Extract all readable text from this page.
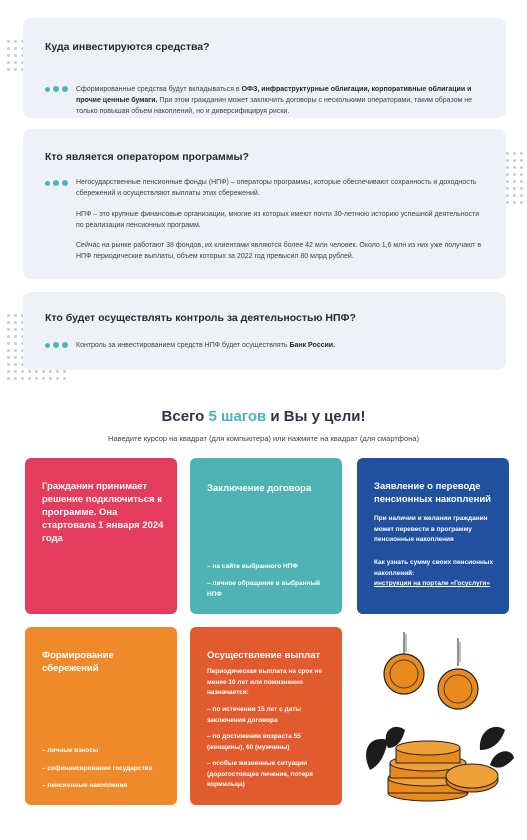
Куда инвестируются средства?

Сформированные средства будут вкладываться в ОФЗ, инфраструктурные облигации, корпоративные облигации и прочие ценные бумаги. При этом гражданин может заключить договоры с несколькими операторами, таким образом не только повышая объем накоплений, но и диверсифицируя риски.

Кто является оператором программы?

Негосударственные пенсионные фонды (НПФ) – операторы программы, которые обеспечивают сохранность и доходность сбережений и осуществляют выплаты этих сбережений.

НПФ – это крупные финансовые организации, многие из которых имеют почти 30-летнюю историю успешной деятельности по реализации пенсионных программ.

Сейчас на рынке работают 38 фондов, их клиентами являются более 42 млн человек. Около 1,6 млн из них уже получают в НПФ периодические выплаты, объем которых за 2022 год превысил 80 млрд рублей.

Кто будет осуществлять контроль за деятельностью НПФ?

Контроль за инвестированием средств НПФ будет осуществлять Банк России.

Всего 5 шагов и Вы у цели!
Наведите курсор на квадрат (для компьютера) или нажмите на квадрат (для смартфона)
Гражданин принимает решение подключиться к программе. Она стартовала 1 января 2024 года
Заключение договора
– на сайте выбранного НПФ
– личное обращение в выбранный НПФ
Заявление о переводе пенсионных накоплений
При наличии и желании гражданин может перевести в программу пенсионные накопления
Как узнать сумму своих пенсионных накоплений:
инструкция на портале «Госуслуги»
Формирование сбережений
– личные взносы
– софинансирование государства
– пенсионные накопления
Осуществление выплат
Периодическая выплата на срок не менее 10 лет или пожизненно назначается:
– по истечении 15 лет с даты заключения договора
– по достижении возраста 55 (женщины), 60 (мужчины)
– особые жизненные ситуации (дорогостоящее лечение, потеря кормильца)
